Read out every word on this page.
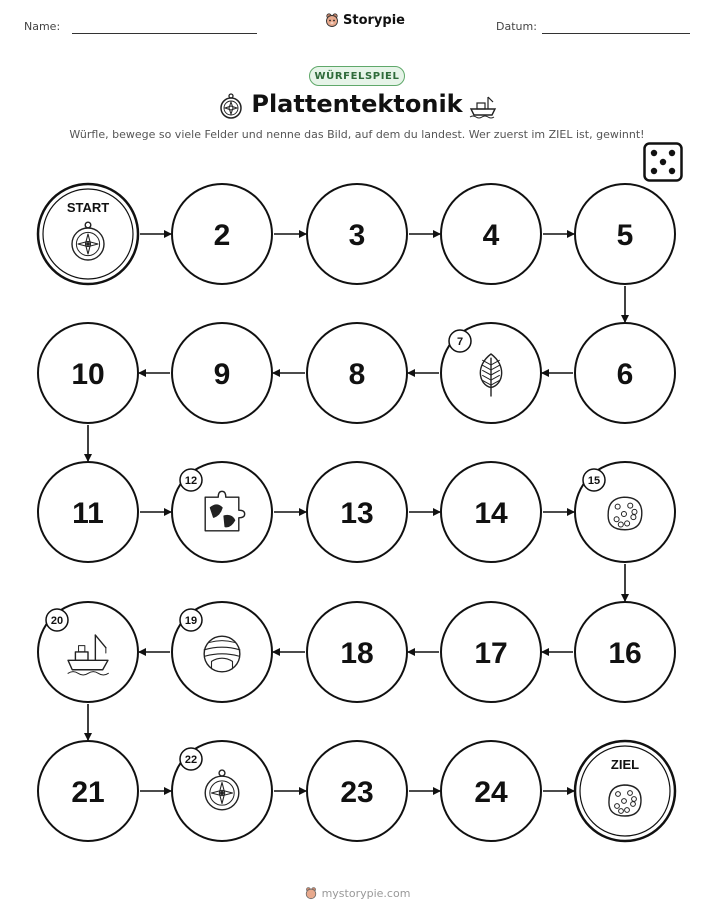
Name:	Storypie	Datum:
WÜRFELSPIEL
Plattentektonik
Würfle, bewege so viele Felder und nenne das Bild, auf dem du landest. Wer zuerst im ZIEL ist, gewinnt!
START
2	3	4	5
6
7
8
9
10
11
12
13	14
15
16
17
18
19
20
21
22
23	24
ZIEL
mystorypie.com
